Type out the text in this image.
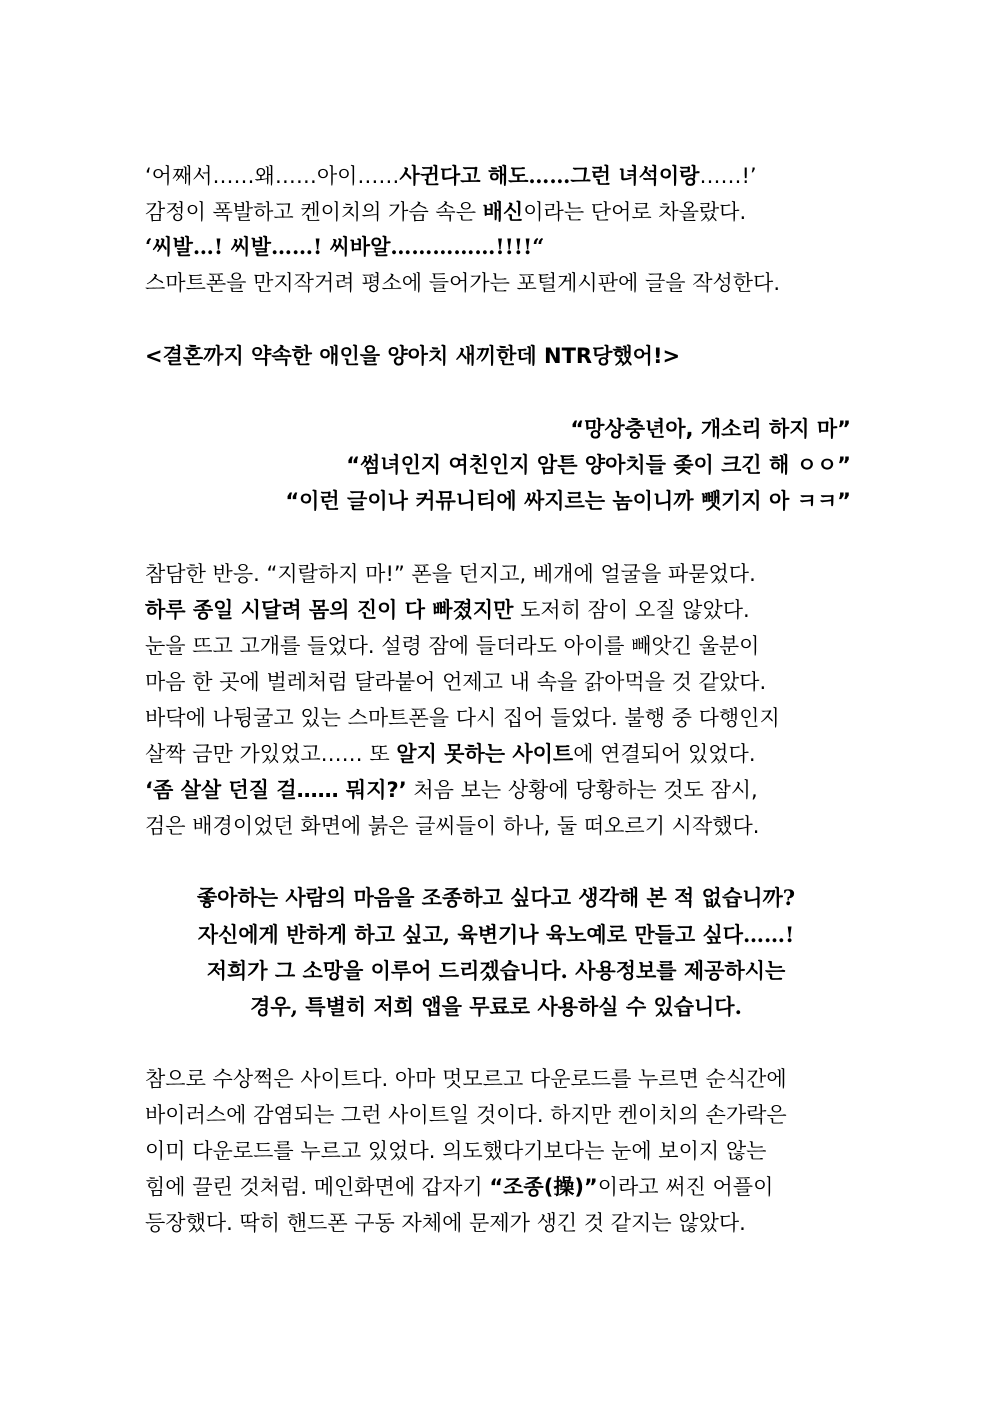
‘어째서……왜……아이……사귄다고 해도……그런 녀석이랑……!’
감정이 폭발하고 켄이치의 가슴 속은 배신이라는 단어로 차올랐다.
‘씨발…! 씨발……! 씨바알……………!!!!“
스마트폰을 만지작거려 평소에 들어가는 포털게시판에 글을 작성한다.
<결혼까지 약속한 애인을 양아치 새끼한데 NTR당했어!>
“망상충년아, 개소리 하지 마”
“썸녀인지 여친인지 암튼 양아치들 좆이 크긴 해 ㅇㅇ”
“이런 글이나 커뮤니티에 싸지르는 놈이니까 뺏기지 아 ㅋㅋ”
참담한 반응. “지랄하지 마!” 폰을 던지고, 베개에 얼굴을 파묻었다.
하루 종일 시달려 몸의 진이 다 빠졌지만 도저히 잠이 오질 않았다.
눈을 뜨고 고개를 들었다. 설령 잠에 들더라도 아이를 빼앗긴 울분이
마음 한 곳에 벌레처럼 달라붙어 언제고 내 속을 갉아먹을 것 같았다.
바닥에 나뒹굴고 있는 스마트폰을 다시 집어 들었다. 불행 중 다행인지
살짝 금만 가있었고…… 또 알지 못하는 사이트에 연결되어 있었다.
‘좀 살살 던질 걸…… 뭐지?’ 처음 보는 상황에 당황하는 것도 잠시,
검은 배경이었던 화면에 붉은 글씨들이 하나, 둘 떠오르기 시작했다.
좋아하는 사람의 마음을 조종하고 싶다고 생각해 본 적 없습니까?
자신에게 반하게 하고 싶고, 육변기나 육노예로 만들고 싶다……!
저희가 그 소망을 이루어 드리겠습니다. 사용정보를 제공하시는
경우, 특별히 저희 앱을 무료로 사용하실 수 있습니다.
참으로 수상쩍은 사이트다. 아마 멋모르고 다운로드를 누르면 순식간에
바이러스에 감염되는 그런 사이트일 것이다. 하지만 켄이치의 손가락은
이미 다운로드를 누르고 있었다. 의도했다기보다는 눈에 보이지 않는
힘에 끌린 것처럼. 메인화면에 갑자기 “조종(操)”이라고 써진 어플이
등장했다. 딱히 핸드폰 구동 자체에 문제가 생긴 것 같지는 않았다.
